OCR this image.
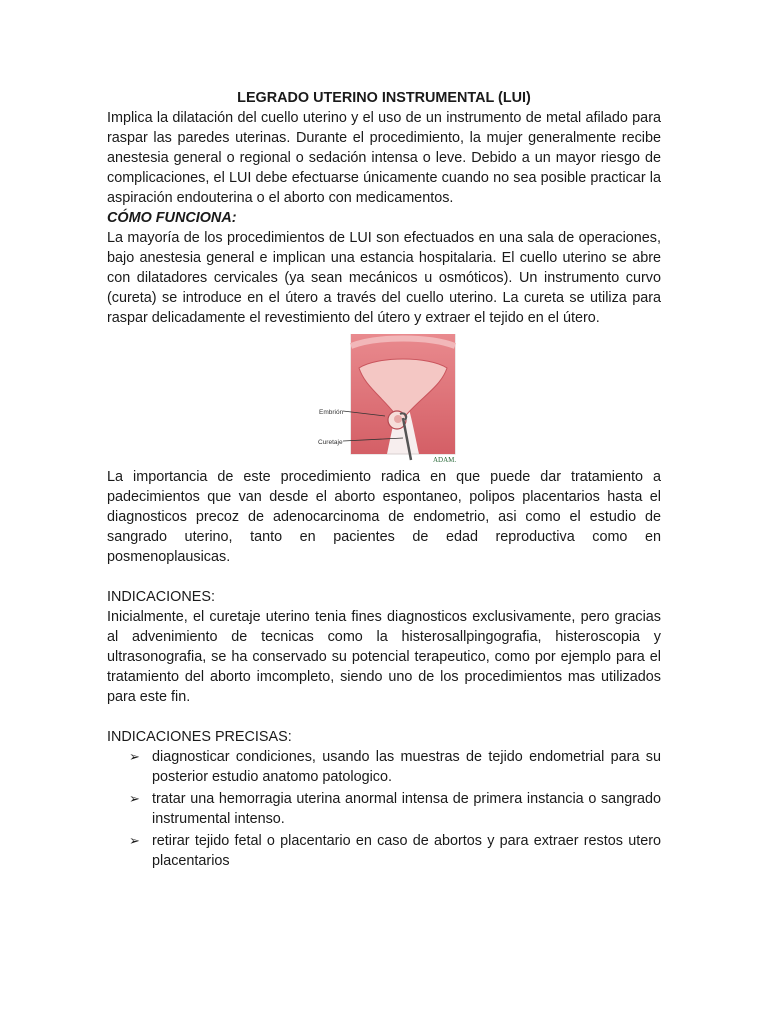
LEGRADO UTERINO INSTRUMENTAL (LUI)

Implica la dilatación del cuello uterino y el uso de un instrumento de metal afilado para raspar las paredes uterinas. Durante el procedimiento, la mujer generalmente recibe anestesia general o regional o sedación intensa o leve. Debido a un mayor riesgo de complicaciones, el LUI debe efectuarse únicamente cuando no sea posible practicar la aspiración endouterina o el aborto con medicamentos.

CÓMO FUNCIONA:

La mayoría de los procedimientos de LUI son efectuados en una sala de operaciones, bajo anestesia general e implican una estancia hospitalaria. El cuello uterino se abre con dilatadores cervicales (ya sean mecánicos u osmóticos). Un instrumento curvo (cureta) se introduce en el útero a través del cuello uterino. La cureta se utiliza para raspar delicadamente el revestimiento del útero y extraer el tejido en el útero.

Embrión
Curetaje
ADAM.

La importancia de este procedimiento radica en que puede dar tratamiento a padecimientos que van desde el aborto espontaneo, polipos placentarios hasta el diagnosticos precoz de adenocarcinoma de endometrio, asi como el estudio de sangrado uterino, tanto en pacientes de edad reproductiva como en posmenoplausicas.

INDICACIONES:

Inicialmente, el curetaje uterino tenia fines diagnosticos exclusivamente, pero gracias al advenimiento de tecnicas como la histerosallpingografia, histeroscopia y ultrasonografia, se ha conservado su potencial terapeutico, como por ejemplo para el tratamiento del aborto imcompleto, siendo uno de los procedimientos mas utilizados para este fin.

INDICACIONES PRECISAS:
➢ diagnosticar condiciones, usando las muestras de tejido endometrial para su posterior estudio anatomo patologico.
➢ tratar una hemorragia uterina anormal intensa de primera instancia o sangrado instrumental intenso.
➢ retirar tejido fetal o placentario en caso de abortos y para extraer restos utero placentarios
